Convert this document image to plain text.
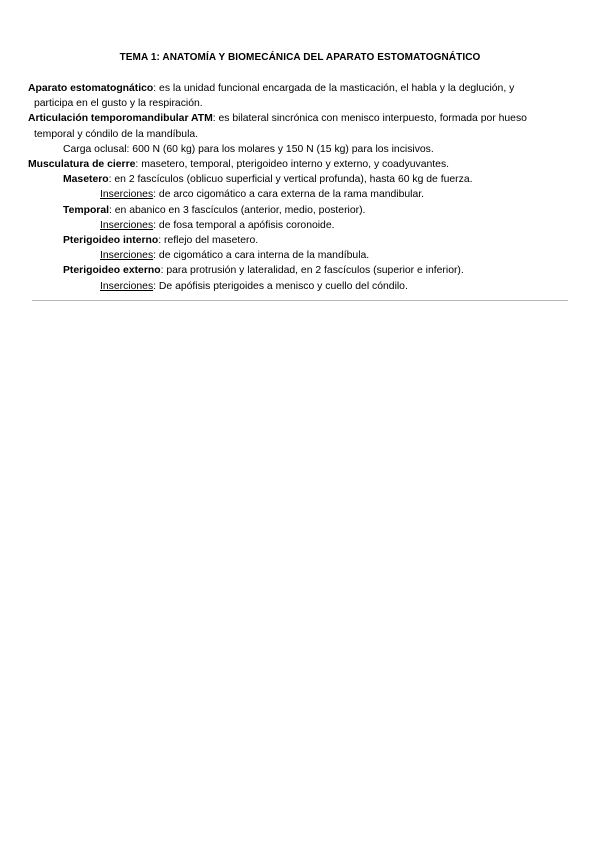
TEMA 1: ANATOMÍA Y BIOMECÁNICA DEL APARATO ESTOMATOGNÁTICO
Aparato estomatognático: es la unidad funcional encargada de la masticación, el habla y la deglución, y
participa en el gusto y la respiración.
Articulación temporomandibular ATM: es bilateral sincrónica con menisco interpuesto, formada por hueso
temporal y cóndilo de la mandíbula.
Carga oclusal: 600 N (60 kg) para los molares y 150 N (15 kg) para los incisivos.
Musculatura de cierre: masetero, temporal, pterigoideo interno y externo, y coadyuvantes.
Masetero: en 2 fascículos (oblicuo superficial y vertical profunda), hasta 60 kg de fuerza.
Inserciones: de arco cigomático a cara externa de la rama mandibular.
Temporal: en abanico en 3 fascículos (anterior, medio, posterior).
Inserciones: de fosa temporal a apófisis coronoide.
Pterigoideo interno: reflejo del masetero.
Inserciones: de cigomático a cara interna de la mandíbula.
Pterigoideo externo: para protrusión y lateralidad, en 2 fascículos (superior e inferior).
Inserciones: De apófisis pterigoides a menisco y cuello del cóndilo.
